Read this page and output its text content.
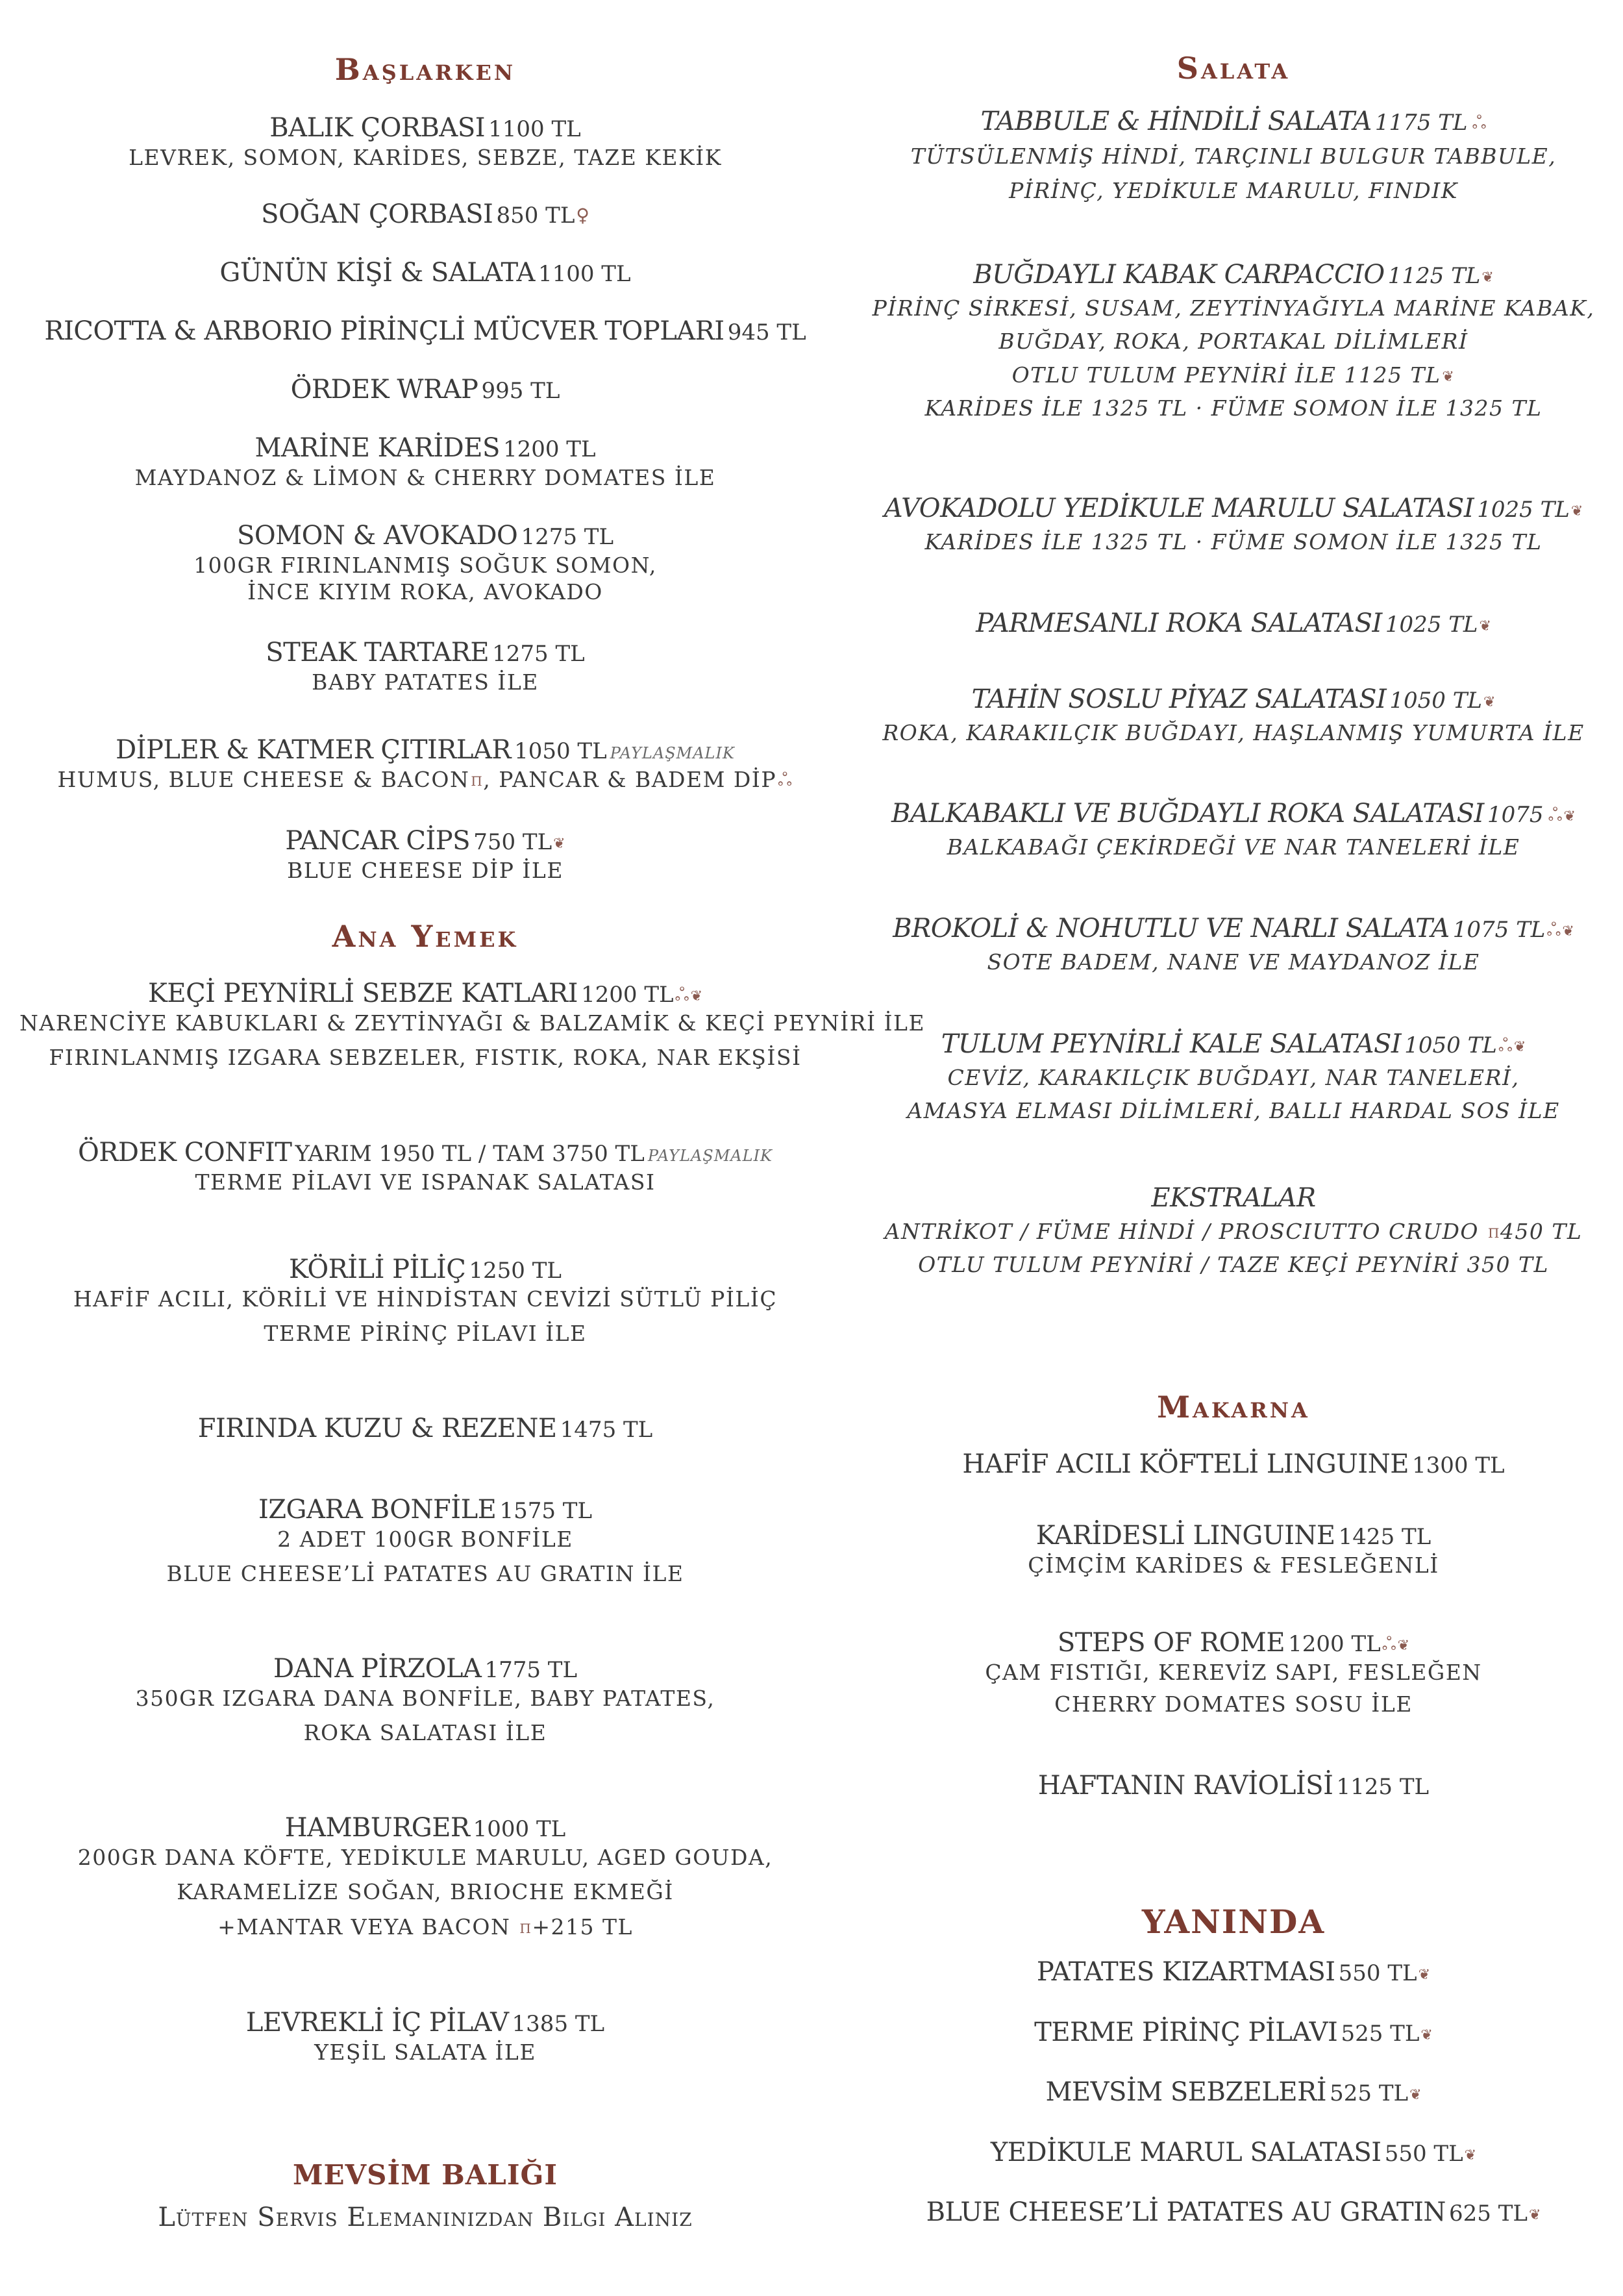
Başlarken
BALIK ÇORBASI 1100 TL
LEVREK, SOMON, KARİDES, SEBZE, TAZE KEKİK
SOĞAN ÇORBASI 850 TL♀
GÜNÜN KİŞİ & SALATA 1100 TL
RICOTTA & ARBORIO PİRİNÇLİ MÜCVER TOPLARI 945 TL
ÖRDEK WRAP 995 TL
MARİNE KARİDES 1200 TL
MAYDANOZ & LİMON & CHERRY DOMATES İLE
SOMON & AVOKADO 1275 TL
100GR FIRINLANMIŞ SOĞUK SOMON,
İNCE KIYIM ROKA, AVOKADO
STEAK TARTARE 1275 TL
BABY PATATES İLE
DİPLER & KATMER ÇITIRLAR 1050 TL PAYLAŞMALIK
HUMUS, BLUE CHEESE & BACONϖ, PANCAR & BADEM DİPஃ
PANCAR CİPS 750 TL❦
BLUE CHEESE DİP İLE
Ana Yemek
KEÇİ PEYNİRLİ SEBZE KATLARI 1200 TLஃ❦
NARENCİYE KABUKLARI & ZEYTİNYAĞI & BALZAMİK & KEÇİ PEYNİRİ İLE
FIRINLANMIŞ IZGARA SEBZELER, FISTIK, ROKA, NAR EKŞİSİ
ÖRDEK CONFIT YARIM 1950 TL / TAM 3750 TL PAYLAŞMALIK
TERME PİLAVI VE ISPANAK SALATASI
KÖRİLİ PİLİÇ 1250 TL
HAFİF ACILI, KÖRİLİ VE HİNDİSTAN CEVİZİ SÜTLÜ PİLİÇ
TERME PİRİNÇ PİLAVI İLE
FIRINDA KUZU & REZENE 1475 TL
IZGARA BONFİLE 1575 TL
2 ADET 100GR BONFİLE
BLUE CHEESE’Lİ PATATES AU GRATIN İLE
DANA PİRZOLA 1775 TL
350GR IZGARA DANA BONFİLE, BABY PATATES,
ROKA SALATASI İLE
HAMBURGER 1000 TL
200GR DANA KÖFTE, YEDİKULE MARULU, AGED GOUDA,
KARAMELİZE SOĞAN, BRIOCHE EKMEĞİ
+MANTAR VEYA BACON ϖ+215 TL
LEVREKLİ İÇ PİLAV 1385 TL
YEŞİL SALATA İLE
MEVSİM BALIĞI
Lütfen Servis Elemanınızdan Bilgi Alınız
Salata
TABBULE & HİNDİLİ SALATA 1175 TL ஃ
TÜTSÜLENMİŞ HİNDİ, TARÇINLI BULGUR TABBULE,
PİRİNÇ, YEDİKULE MARULU, FINDIK
BUĞDAYLI KABAK CARPACCIO 1125 TL❦
PİRİNÇ SİRKESİ, SUSAM, ZEYTİNYAĞIYLA MARİNE KABAK,
BUĞDAY, ROKA, PORTAKAL DİLİMLERİ
OTLU TULUM PEYNİRİ İLE 1125 TL❦
KARİDES İLE 1325 TL · FÜME SOMON İLE 1325 TL
AVOKADOLU YEDİKULE MARULU SALATASI 1025 TL❦
KARİDES İLE 1325 TL · FÜME SOMON İLE 1325 TL
PARMESANLI ROKA SALATASI 1025 TL❦
TAHİN SOSLU PİYAZ SALATASI 1050 TL❦
ROKA, KARAKILÇIK BUĞDAYI, HAŞLANMIŞ YUMURTA İLE
BALKABAKLI VE BUĞDAYLI ROKA SALATASI 1075 ஃ❦
BALKABAĞI ÇEKİRDEĞİ VE NAR TANELERİ İLE
BROKOLİ & NOHUTLU VE NARLI SALATA 1075 TLஃ❦
SOTE BADEM, NANE VE MAYDANOZ İLE
TULUM PEYNİRLİ KALE SALATASI 1050 TLஃ❦
CEVİZ, KARAKILÇIK BUĞDAYI, NAR TANELERİ,
AMASYA ELMASI DİLİMLERİ, BALLI HARDAL SOS İLE
EKSTRALAR
ANTRİKOT / FÜME HİNDİ / PROSCIUTTO CRUDO ϖ450 TL
OTLU TULUM PEYNİRİ / TAZE KEÇİ PEYNİRİ 350 TL
Makarna
HAFİF ACILI KÖFTELİ LINGUINE 1300 TL
KARİDESLİ LINGUINE 1425 TL
ÇİMÇİM KARİDES & FESLEĞENLİ
STEPS OF ROME 1200 TLஃ❦
ÇAM FISTIĞI, KEREVİZ SAPI, FESLEĞEN
CHERRY DOMATES SOSU İLE
HAFTANIN RAVİOLİSİ 1125 TL
YANINDA
PATATES KIZARTMASI 550 TL❦
TERME PİRİNÇ PİLAVI 525 TL❦
MEVSİM SEBZELERİ 525 TL❦
YEDİKULE MARUL SALATASI 550 TL❦
BLUE CHEESE’Lİ PATATES AU GRATIN 625 TL❦
